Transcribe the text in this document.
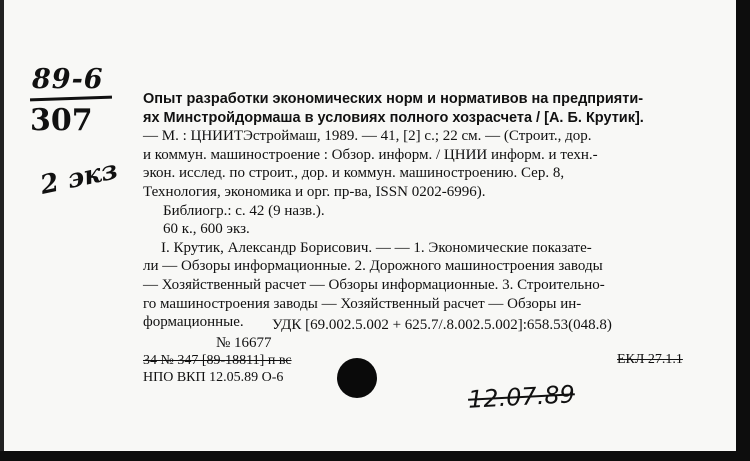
89-6
307
2 экз
Опыт разработки экономических норм и нормативов на предприяти-
ях Минстройдормаша в условиях полного хозрасчета / [А. Б. Крутик].
— М. : ЦНИИТЭстроймаш, 1989. — 41, [2] с.; 22 см. — (Строит., дор.
и коммун. машиностроение : Обзор. информ. / ЦНИИ информ. и техн.-
экон. исслед. по строит., дор. и коммун. машиностроению. Сер. 8,
Технология, экономика и орг. пр-ва, ISSN 0202-6996).
Библиогр.: с. 42 (9 назв.).
60 к., 600 экз.
I. Крутик, Александр Борисович. — — 1. Экономические показате-
ли — Обзоры информационные. 2. Дорожного машиностроения заводы
— Хозяйственный расчет — Обзоры информационные. 3. Строительно-
го машиностроения заводы — Хозяйственный расчет — Обзоры ин-
формационные.	УДК [69.002.5.002 + 625.7/.8.002.5.002]:658.53(048.8)
№ 16677
34 № 347 [89-18811] п вс
НПО ВКП 12.05.89 О-6
ЕКЛ 27.1.1
12.07.89
